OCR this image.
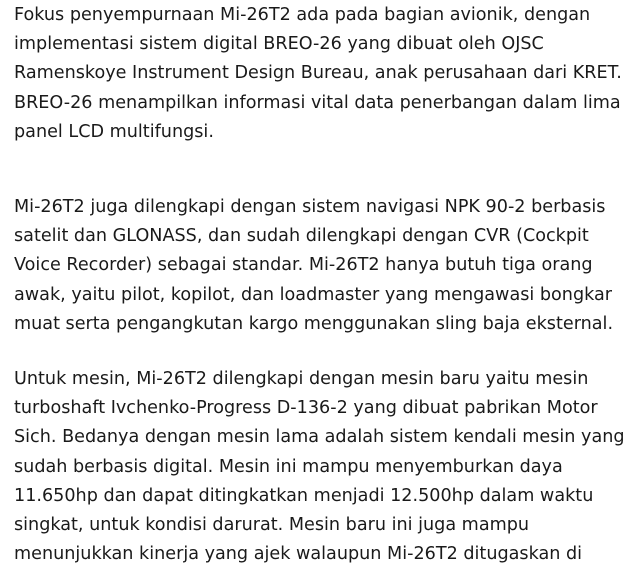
Fokus penyempurnaan Mi-26T2 ada pada bagian avionik, dengan
implementasi sistem digital BREO-26 yang dibuat oleh OJSC
Ramenskoye Instrument Design Bureau, anak perusahaan dari KRET.
BREO-26 menampilkan informasi vital data penerbangan dalam lima
panel LCD multifungsi.

Mi-26T2 juga dilengkapi dengan sistem navigasi NPK 90-2 berbasis
satelit dan GLONASS, dan sudah dilengkapi dengan CVR (Cockpit
Voice Recorder) sebagai standar. Mi-26T2 hanya butuh tiga orang
awak, yaitu pilot, kopilot, dan loadmaster yang mengawasi bongkar
muat serta pengangkutan kargo menggunakan sling baja eksternal.

Untuk mesin, Mi-26T2 dilengkapi dengan mesin baru yaitu mesin
turboshaft Ivchenko-Progress D-136-2 yang dibuat pabrikan Motor
Sich. Bedanya dengan mesin lama adalah sistem kendali mesin yang
sudah berbasis digital. Mesin ini mampu menyemburkan daya
11.650hp dan dapat ditingkatkan menjadi 12.500hp dalam waktu
singkat, untuk kondisi darurat. Mesin baru ini juga mampu
menunjukkan kinerja yang ajek walaupun Mi-26T2 ditugaskan di
